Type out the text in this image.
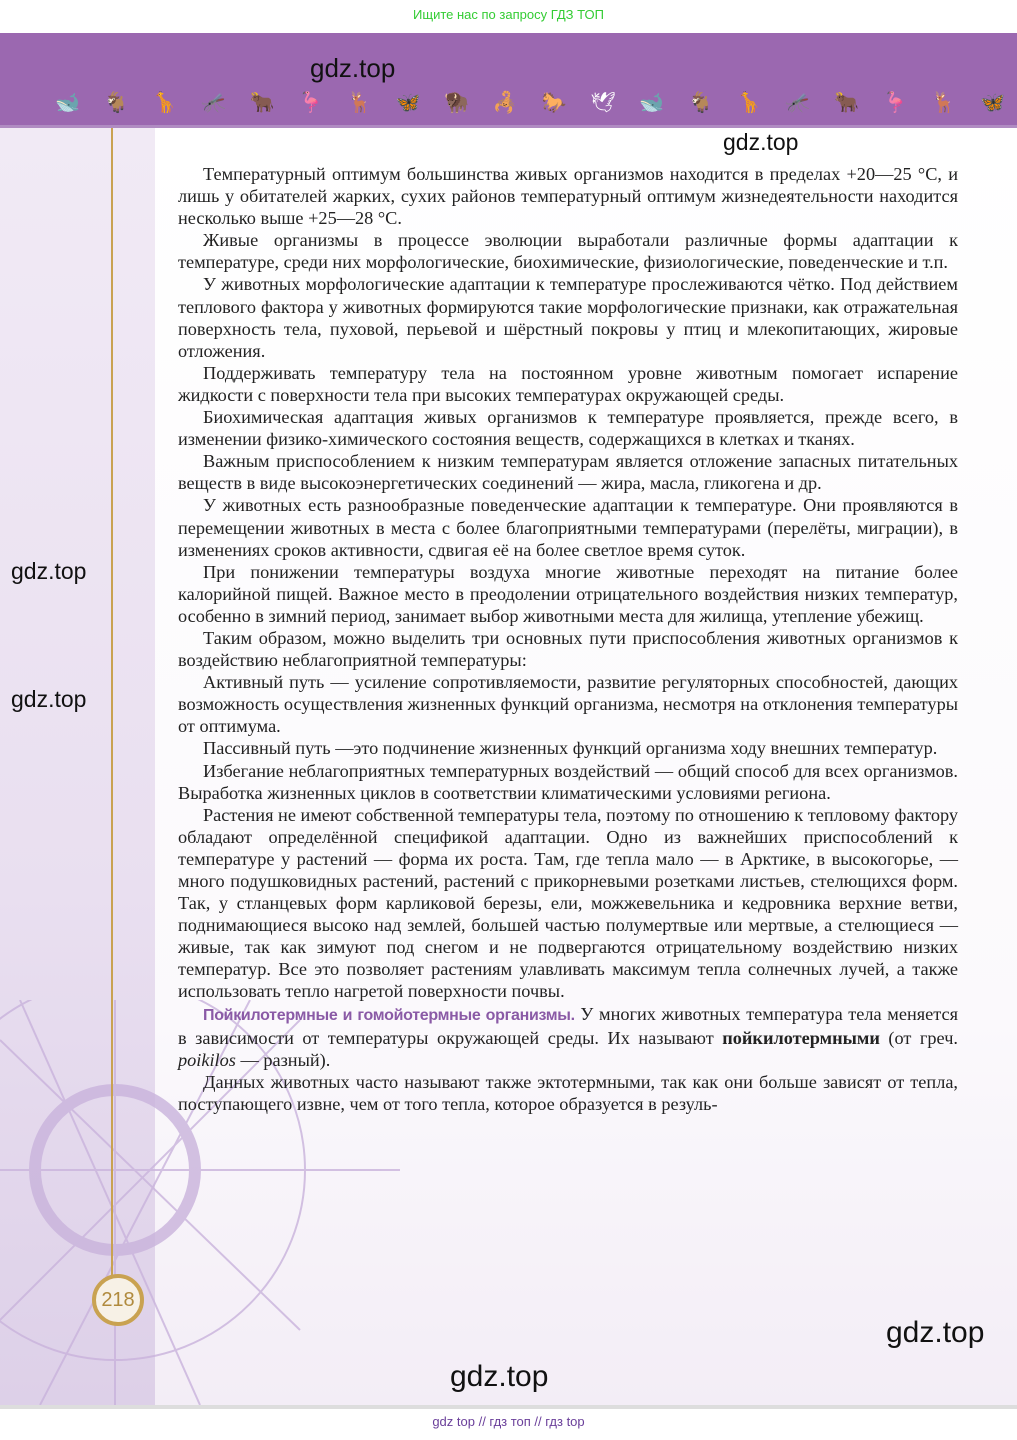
Ищите нас по запросу ГДЗ ТОП
🐋 🐐 🦒 🦟 🐂 🦩 🦌 🦋 🦬 🦂 🐎 🕊 🐋 🐐 🦒 🦟 🐂 🦩 🦌 🦋
gdz.top
gdz.top
gdz.top
gdz.top
gdz.top
gdz.top

Температурный оптимум большинства живых организмов находится в пределах +20—25 °С, и лишь у обитателей жарких, сухих районов температурный оптимум жизнедеятельности находится несколько выше +25—28 °С.

Живые организмы в процессе эволюции выработали различные формы адаптации к температуре, среди них морфологические, биохимические, физиологические, поведенческие и т.п.

У животных морфологические адаптации к температуре прослеживаются чётко. Под действием теплового фактора у животных формируются такие морфологические признаки, как отражательная поверхность тела, пуховой, перьевой и шёрстный покровы у птиц и млекопитающих, жировые отложения.

Поддерживать температуру тела на постоянном уровне животным помогает испарение жидкости с поверхности тела при высоких температурах окружающей среды.

Биохимическая адаптация живых организмов к температуре проявляется, прежде всего, в изменении физико-химического состояния веществ, содержащихся в клетках и тканях.

Важным приспособлением к низким температурам является отложение запасных питательных веществ в виде высокоэнергетических соединений — жира, масла, гликогена и др.

У животных есть разнообразные поведенческие адаптации к температуре. Они проявляются в перемещении животных в места с более благоприятными температурами (перелёты, миграции), в изменениях сроков активности, сдвигая её на более светлое время суток.

При понижении температуры воздуха многие животные переходят на питание более калорийной пищей. Важное место в преодолении отрицательного воздействия низких температур, особенно в зимний период, занимает выбор животными места для жилища, утепление убежищ.

Таким образом, можно выделить три основных пути приспособления животных организмов к воздействию неблагоприятной температуры:

Активный путь — усиление сопротивляемости, развитие регуляторных способностей, дающих возможность осуществления жизненных функций организма, несмотря на отклонения температуры от оптимума.

Пассивный путь —это подчинение жизненных функций организма ходу внешних температур.

Избегание неблагоприятных температурных воздействий — общий способ для всех организмов. Выработка жизненных циклов в соответствии климатическими условиями региона.

Растения не имеют собственной температуры тела, поэтому по отношению к тепловому фактору обладают определённой спецификой адаптации. Одно из важнейших приспособлений к температуре у растений — форма их роста. Там, где тепла мало — в Арктике, в высокогорье, — много подушковидных растений, растений с прикорневыми розетками листьев, стелющихся форм. Так, у стланцевых форм карликовой березы, ели, можжевельника и кедровника верхние ветви, поднимающиеся высоко над землей, большей частью полумертвые или мертвые, а стелющиеся — живые, так как зимуют под снегом и не подвергаются отрицательному воздействию низких температур. Все это позволяет растениям улавливать максимум тепла солнечных лучей, а также использовать тепло нагретой поверхности почвы.

Пойкилотермные и гомойотермные организмы. У многих животных температура тела меняется в зависимости от температуры окружающей среды. Их называют пойкилотермными (от греч. poikilos — разный).

Данных животных часто называют также эктотермными, так как они больше зависят от тепла, поступающего извне, чем от того тепла, которое образуется в резуль-

218
gdz top // гдз топ // гдз top
